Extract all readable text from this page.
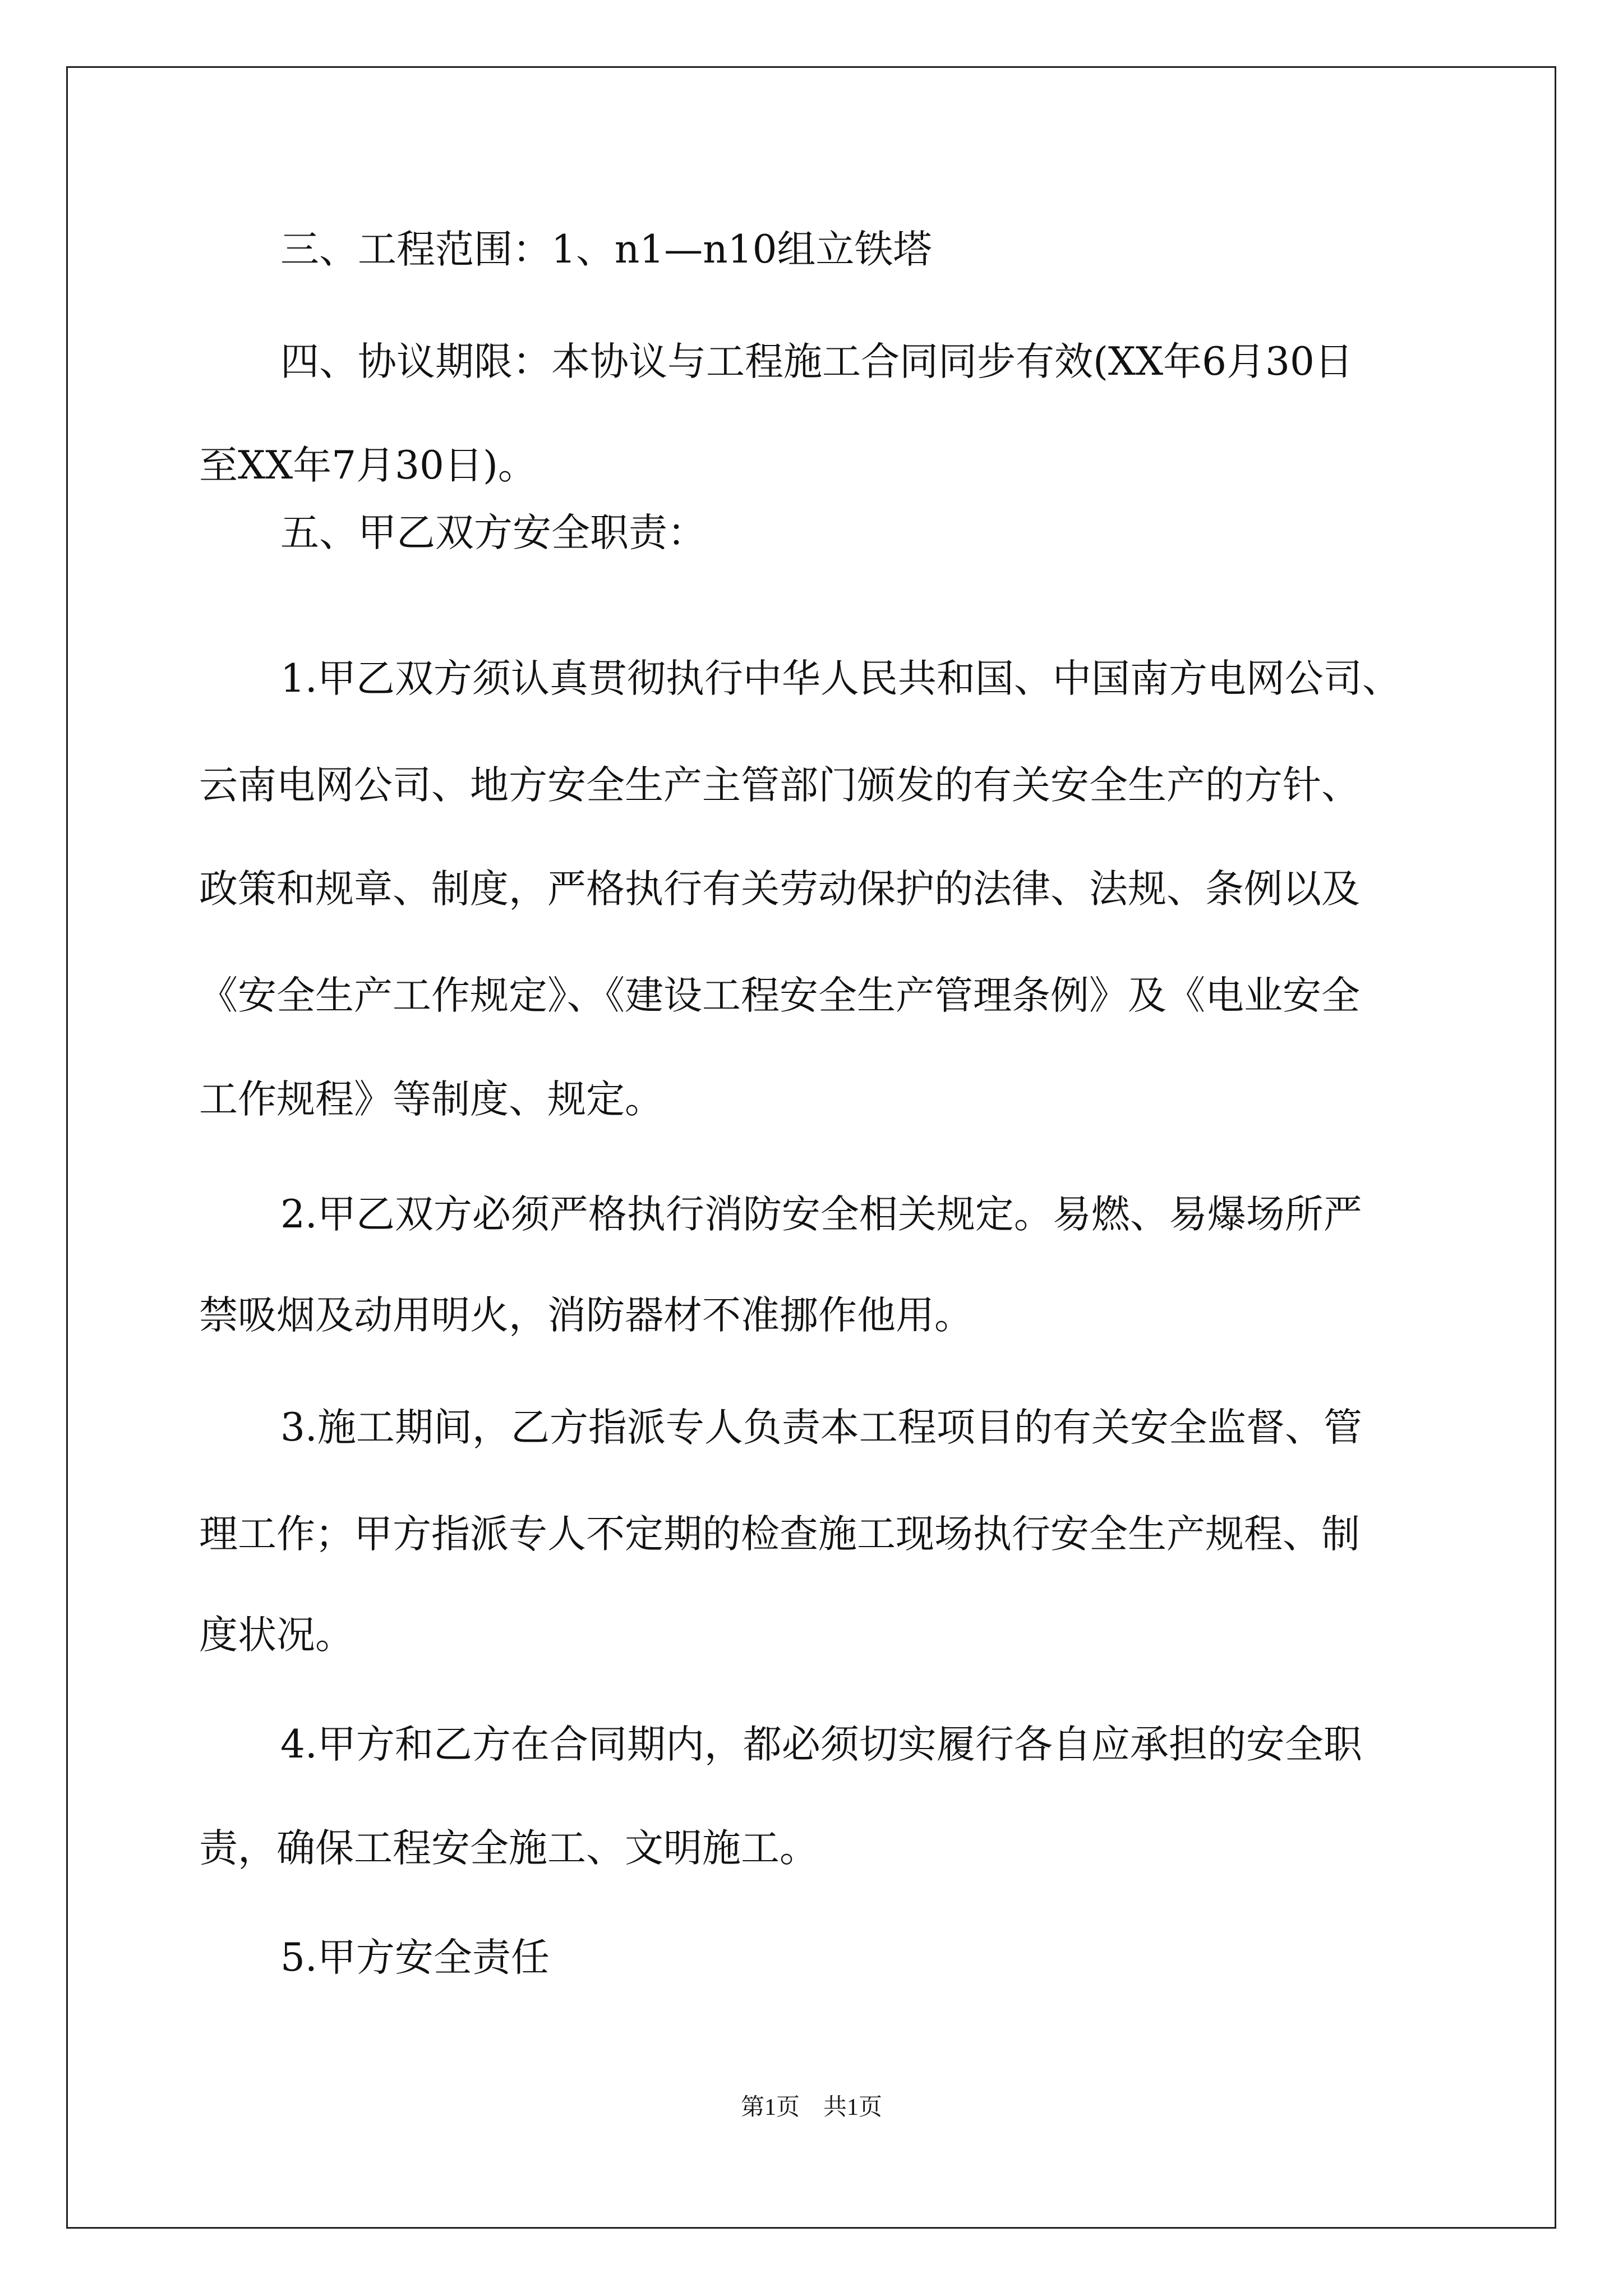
三、工程范围：1、n1—n10组立铁塔
四、协议期限：本协议与工程施工合同同步有效(XX年6月30日
至XX年7月30日)。
五、甲乙双方安全职责：
1.甲乙双方须认真贯彻执行中华人民共和国、中国南方电网公司、
云南电网公司、地方安全生产主管部门颁发的有关安全生产的方针、
政策和规章、制度，严格执行有关劳动保护的法律、法规、条例以及
《安全生产工作规定》、《建设工程安全生产管理条例》及《电业安全
工作规程》等制度、规定。
2.甲乙双方必须严格执行消防安全相关规定。易燃、易爆场所严
禁吸烟及动用明火，消防器材不准挪作他用。
3.施工期间，乙方指派专人负责本工程项目的有关安全监督、管
理工作；甲方指派专人不定期的检查施工现场执行安全生产规程、制
度状况。
4.甲方和乙方在合同期内，都必须切实履行各自应承担的安全职
责，确保工程安全施工、文明施工。
5.甲方安全责任
第1页　共1页
